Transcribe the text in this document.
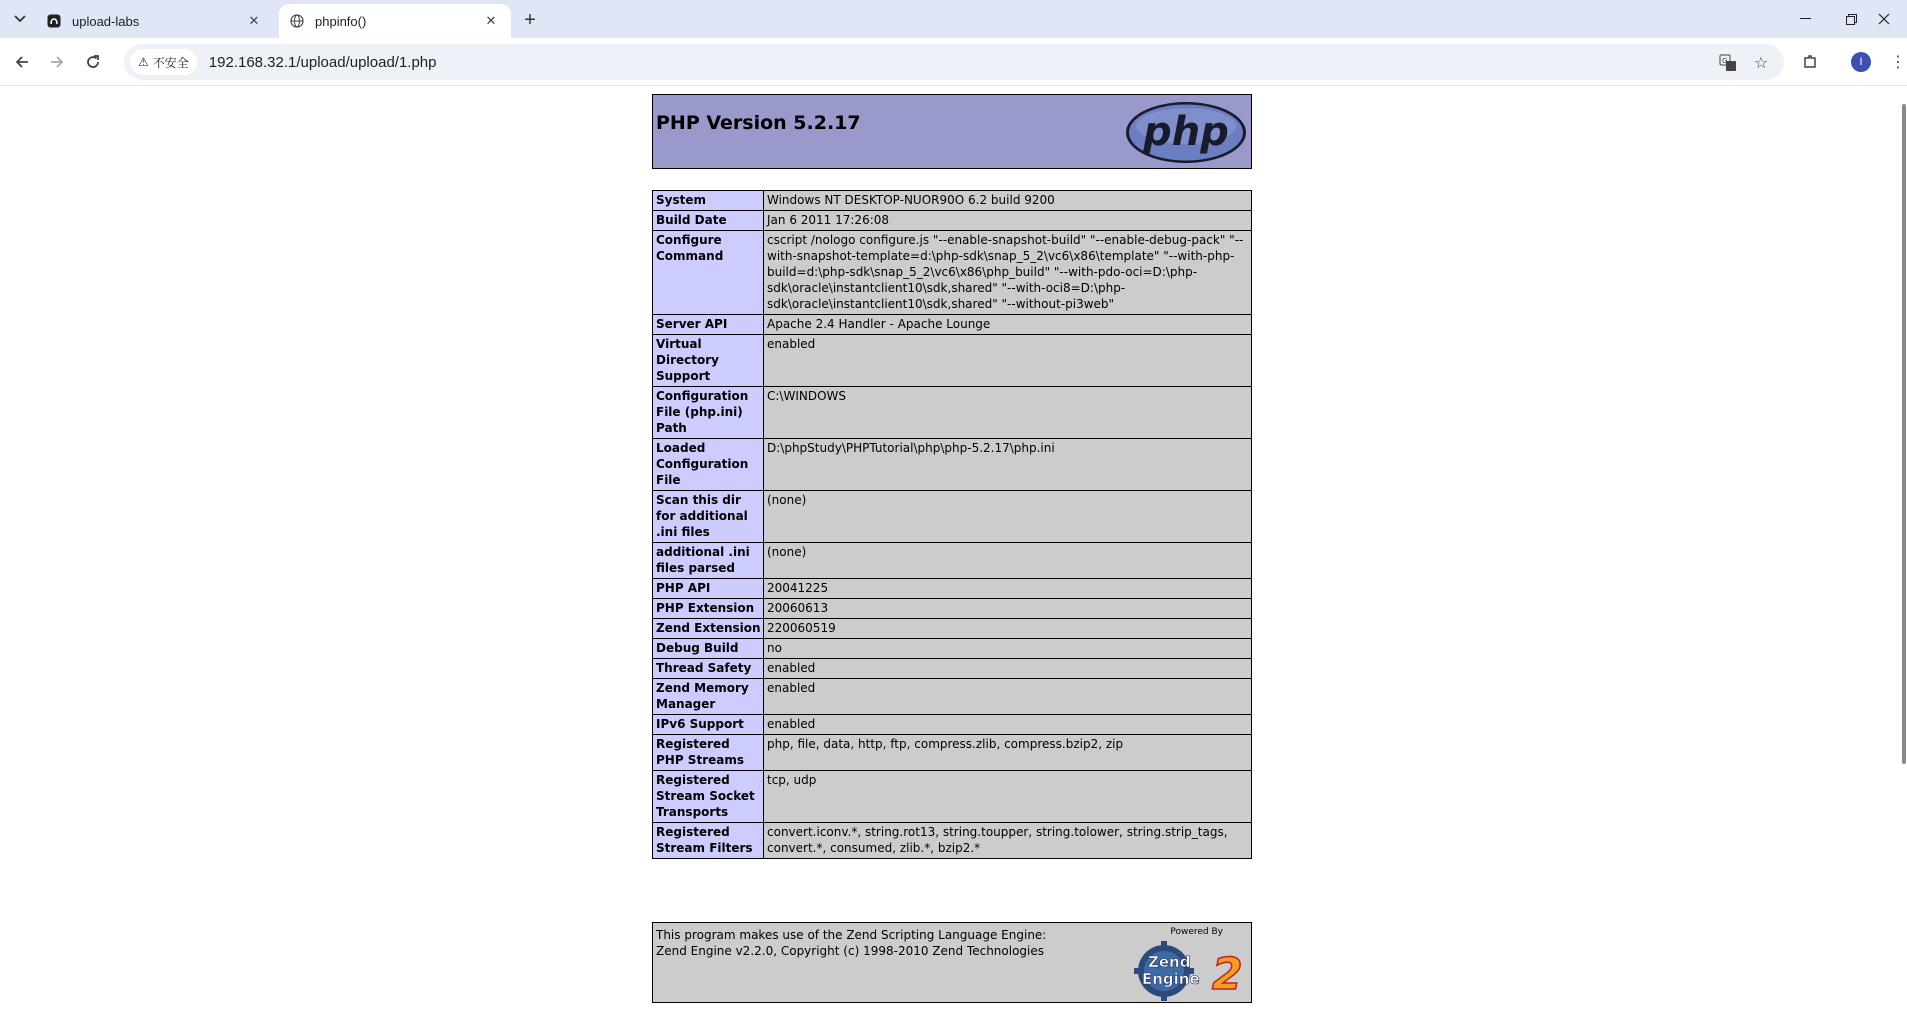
upload-labs	✕	phpinfo()	✕	+
⚠ 不安全 192.168.32.1/upload/upload/1.php	G ☆	⋮
I
PHP Version 5.2.17	php
System	Windows NT DESKTOP-NUOR90O 6.2 build 9200
Build Date	Jan 6 2011 17:26:08
Configure Command	cscript /nologo configure.js "--enable-snapshot-build" "--enable-debug-pack" "--with-snapshot-template=d:\php-sdk\snap_5_2\vc6\x86\template" "--with-php-build=d:\php-sdk\snap_5_2\vc6\x86\php_build" "--with-pdo-oci=D:\php-sdk\oracle\instantclient10\sdk,shared" "--with-oci8=D:\php-sdk\oracle\instantclient10\sdk,shared" "--without-pi3web"
Server API	Apache 2.4 Handler - Apache Lounge
Virtual Directory Support	enabled
Configuration File (php.ini) Path	C:\WINDOWS
Loaded Configuration File	D:\phpStudy\PHPTutorial\php\php-5.2.17\php.ini
Scan this dir for additional .ini files	(none)
additional .ini files parsed	(none)
PHP API	20041225
PHP Extension	20060613
Zend Extension	220060519
Debug Build	no
Thread Safety	enabled
Zend Memory Manager	enabled
IPv6 Support	enabled
Registered PHP Streams	php, file, data, http, ftp, compress.zlib, compress.bzip2, zip
Registered Stream Socket Transports	tcp, udp
Registered Stream Filters	convert.iconv.*, string.rot13, string.toupper, string.tolower, string.strip_tags, convert.*, consumed, zlib.*, bzip2.*
This program makes use of the Zend Scripting Language Engine:
Zend Engine v2.2.0, Copyright (c) 1998-2010 Zend Technologies
Powered By
Zend
Engine 2
